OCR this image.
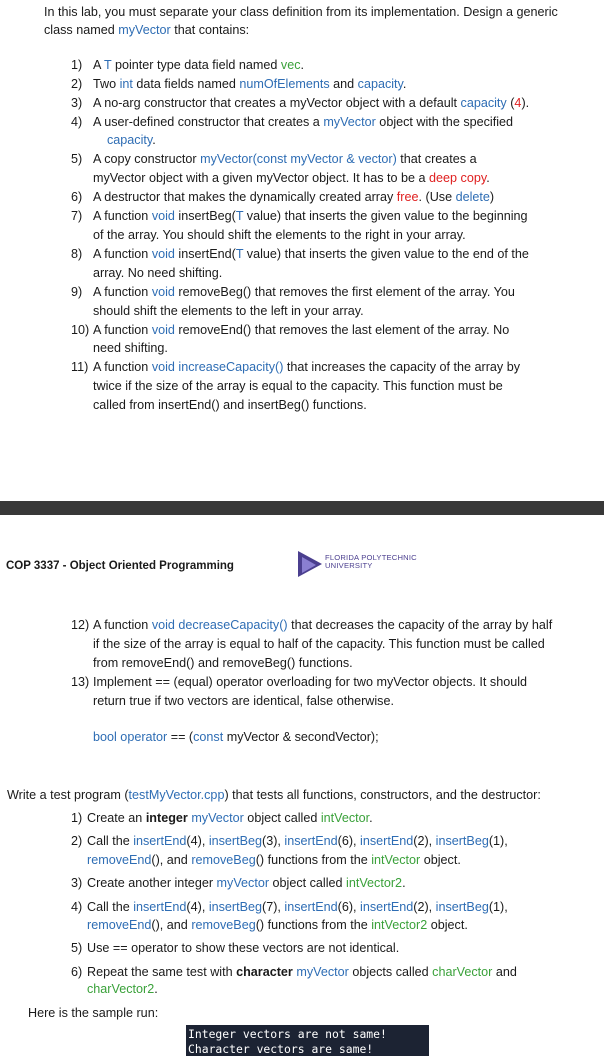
In this lab, you must separate your class definition from its implementation. Design a generic
class named myVector that contains:
1) A T pointer type data field named vec.
2) Two int data fields named numOfElements and capacity.
3) A no-arg constructor that creates a myVector object with a default capacity (4).
4) A user-defined constructor that creates a myVector object with the specified
capacity.
5) A copy constructor myVector(const myVector & vector) that creates a
myVector object with a given myVector object. It has to be a deep copy.
6) A destructor that makes the dynamically created array free. (Use delete)
7) A function void insertBeg(T value) that inserts the given value to the beginning
of the array. You should shift the elements to the right in your array.
8) A function void insertEnd(T value) that inserts the given value to the end of the
array. No need shifting.
9) A function void removeBeg() that removes the first element of the array. You
should shift the elements to the left in your array.
10) A function void removeEnd() that removes the last element of the array. No
need shifting.
11) A function void increaseCapacity() that increases the capacity of the array by
twice if the size of the array is equal to the capacity. This function must be
called from insertEnd() and insertBeg() functions.
COP 3337 - Object Oriented Programming
FLORIDA POLYTECHNIC
UNIVERSITY
12) A function void decreaseCapacity() that decreases the capacity of the array by half
if the size of the array is equal to half of the capacity. This function must be called
from removeEnd() and removeBeg() functions.
13) Implement == (equal) operator overloading for two myVector objects. It should
return true if two vectors are identical, false otherwise.
bool operator == (const myVector & secondVector);
Write a test program (testMyVector.cpp) that tests all functions, constructors, and the destructor:
1) Create an integer myVector object called intVector.
2) Call the insertEnd(4), insertBeg(3), insertEnd(6), insertEnd(2), insertBeg(1),
removeEnd(), and removeBeg() functions from the intVector object.
3) Create another integer myVector object called intVector2.
4) Call the insertEnd(4), insertBeg(7), insertEnd(6), insertEnd(2), insertBeg(1),
removeEnd(), and removeBeg() functions from the intVector2 object.
5) Use == operator to show these vectors are not identical.
6) Repeat the same test with character myVector objects called charVector and
charVector2.
Here is the sample run:
Integer vectors are not same!
Character vectors are same!
